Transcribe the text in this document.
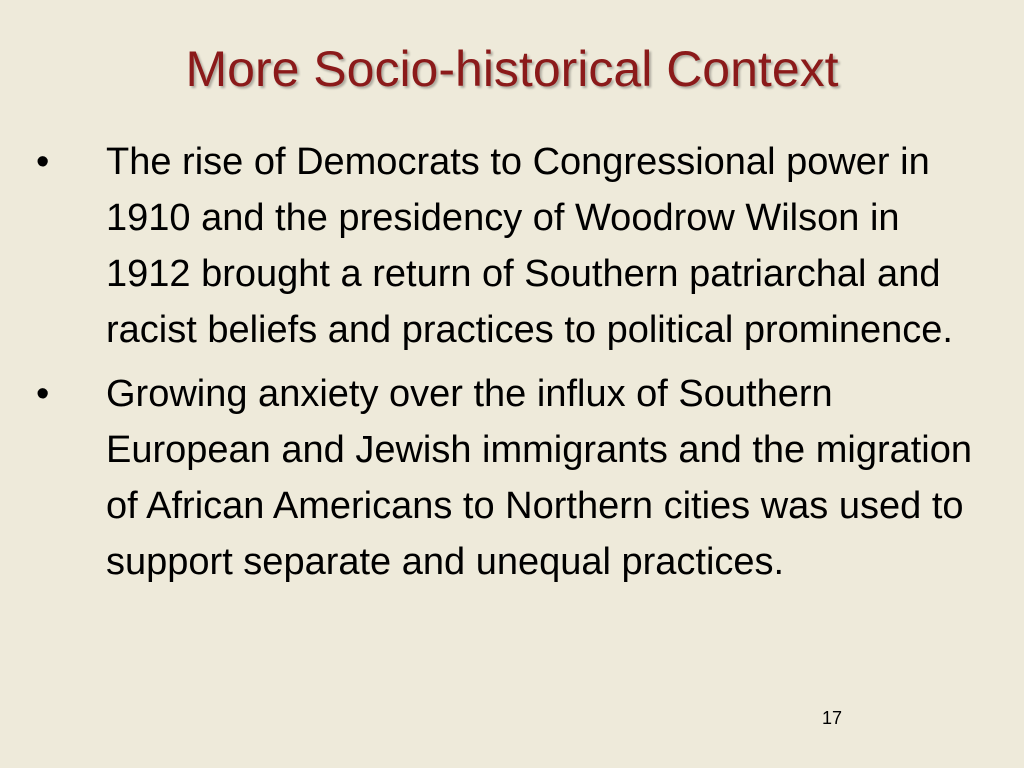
More Socio-historical Context
• The rise of Democrats to Congressional power in 1910 and the presidency of Woodrow Wilson in 1912 brought a return of Southern patriarchal and racist beliefs and practices to political prominence.
• Growing anxiety over the influx of Southern European and Jewish immigrants and the migration of African Americans to Northern cities was used to support separate and unequal practices.
17
